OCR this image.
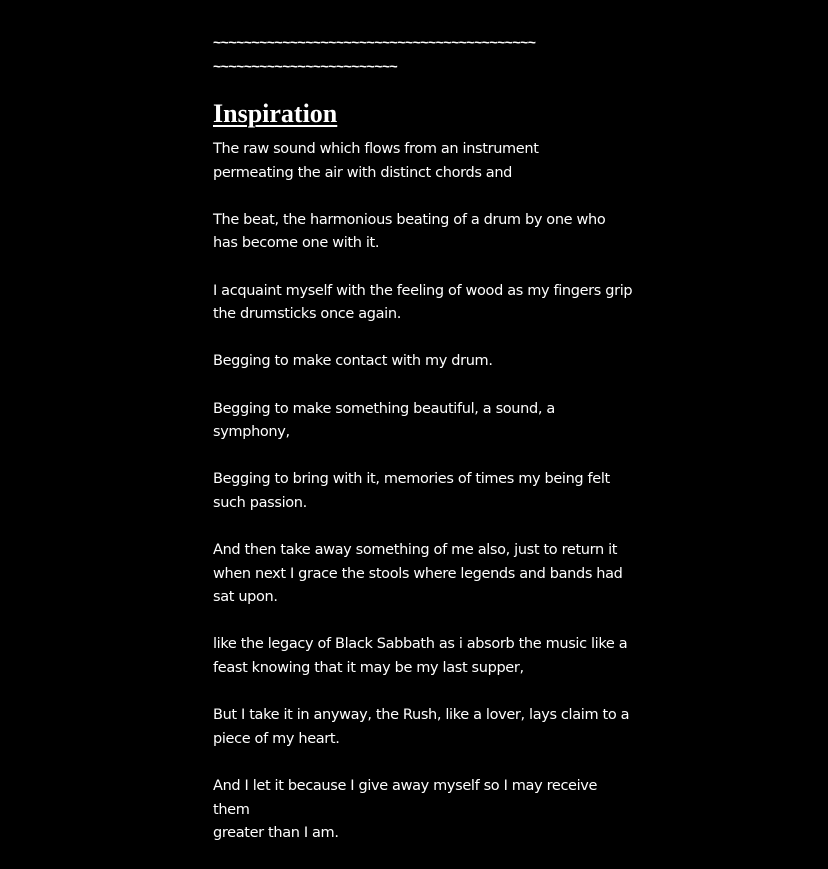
~~~~~~~~~~~~~~~~~~~~~~~~~~~~~~~~~~~~~~~~~~

~~~~~~~~~~~~~~~~~~~~~~~~

Inspiration

The raw sound which flows from an instrument
permeating the air with distinct chords and

The beat, the harmonious beating of a drum by one who
has become one with it.

I acquaint myself with the feeling of wood as my fingers grip
the drumsticks once again.

Begging to make contact with my drum.

Begging to make something beautiful, a sound, a symphony,

Begging to bring with it, memories of times my being felt
such passion.

And then take away something of me also, just to return it
when next I grace the stools where legends and bands had
sat upon.

like the legacy of Black Sabbath as i absorb the music like a
feast knowing that it may be my last supper,

But I take it in anyway, the Rush, like a lover, lays claim to a
piece of my heart.

And I let it because I give away myself so I may receive them
greater than I am.
